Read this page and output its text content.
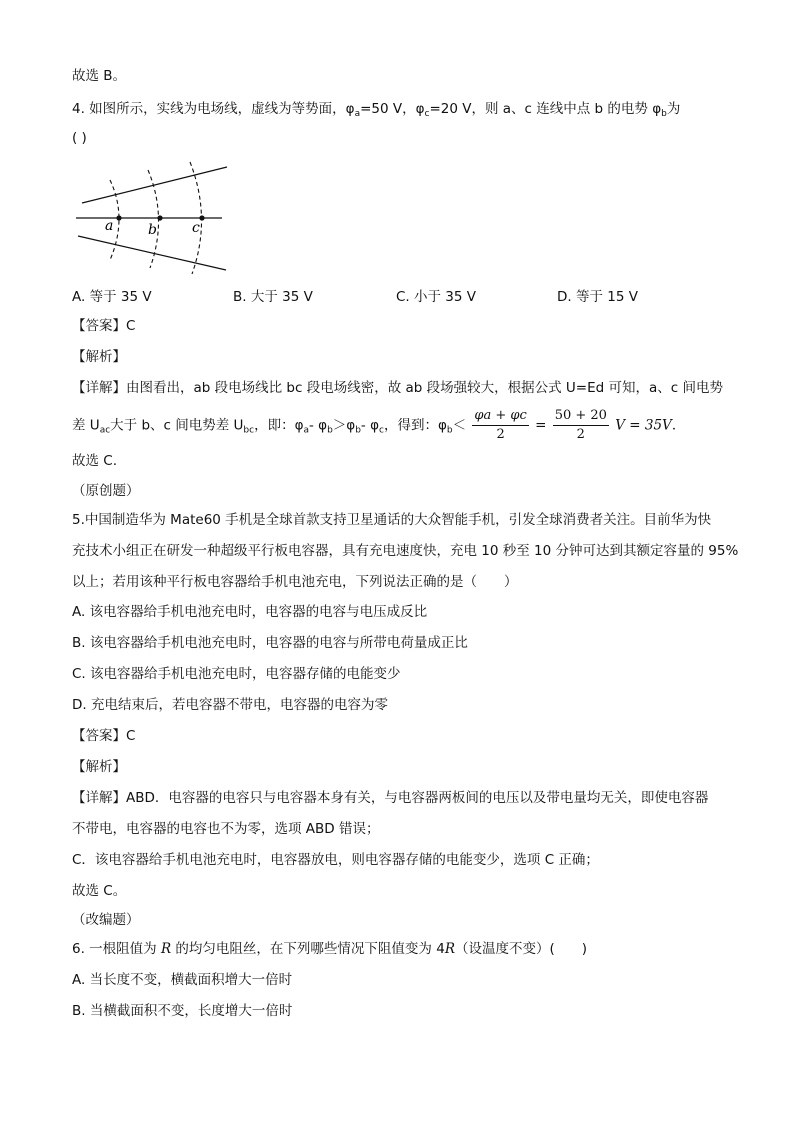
故选 B。
4. 如图所示，实线为电场线，虚线为等势面，$\varphi_a=50$ V，$\varphi_c=20$ V，则 a、c 连线中点 b 的电势 $\varphi_b$为
( )
a b	c
A. 等于 35 V	B. 大于 35 V	C. 小于 35 V	D. 等于 15 V
【答案】C
【解析】
【详解】由图看出，ab 段电场线比 bc 段电场线密，故 ab 段场强较大，根据公式 U=Ed 可知，a、c 间电势
差 $U_{ac}$大于 b、c 间电势差 $U_{bc}$，即：$\varphi_a-$ $\varphi_b>\varphi_b-$ $\varphi_c$，得到：$\varphi_b< \frac{\varphi a + \varphi c}{2} = \frac{50 + 20}{2}$ V = 35V．
故选 C.
（原创题）
5.中国制造华为 Mate60 手机是全球首款支持卫星通话的大众智能手机，引发全球消费者关注。目前华为快
充技术小组正在研发一种超级平行板电容器，具有充电速度快，充电 10 秒至 10 分钟可达到其额定容量的 95%
以上；若用该种平行板电容器给手机电池充电，下列说法正确的是（　　）
A. 该电容器给手机电池充电时，电容器的电容与电压成反比
B. 该电容器给手机电池充电时，电容器的电容与所带电荷量成正比
C. 该电容器给手机电池充电时，电容器存储的电能变少
D. 充电结束后，若电容器不带电，电容器的电容为零
【答案】C
【解析】
【详解】ABD．电容器的电容只与电容器本身有关，与电容器两板间的电压以及带电量均无关，即使电容器
不带电，电容器的电容也不为零，选项 ABD 错误；
C．该电容器给手机电池充电时，电容器放电，则电容器存储的电能变少，选项 C 正确；
故选 C。
（改编题）
6. 一根阻值为 R 的均匀电阻丝，在下列哪些情况下阻值变为 4R（设温度不变）(　　)
A. 当长度不变，横截面积增大一倍时
B. 当横截面积不变，长度增大一倍时
